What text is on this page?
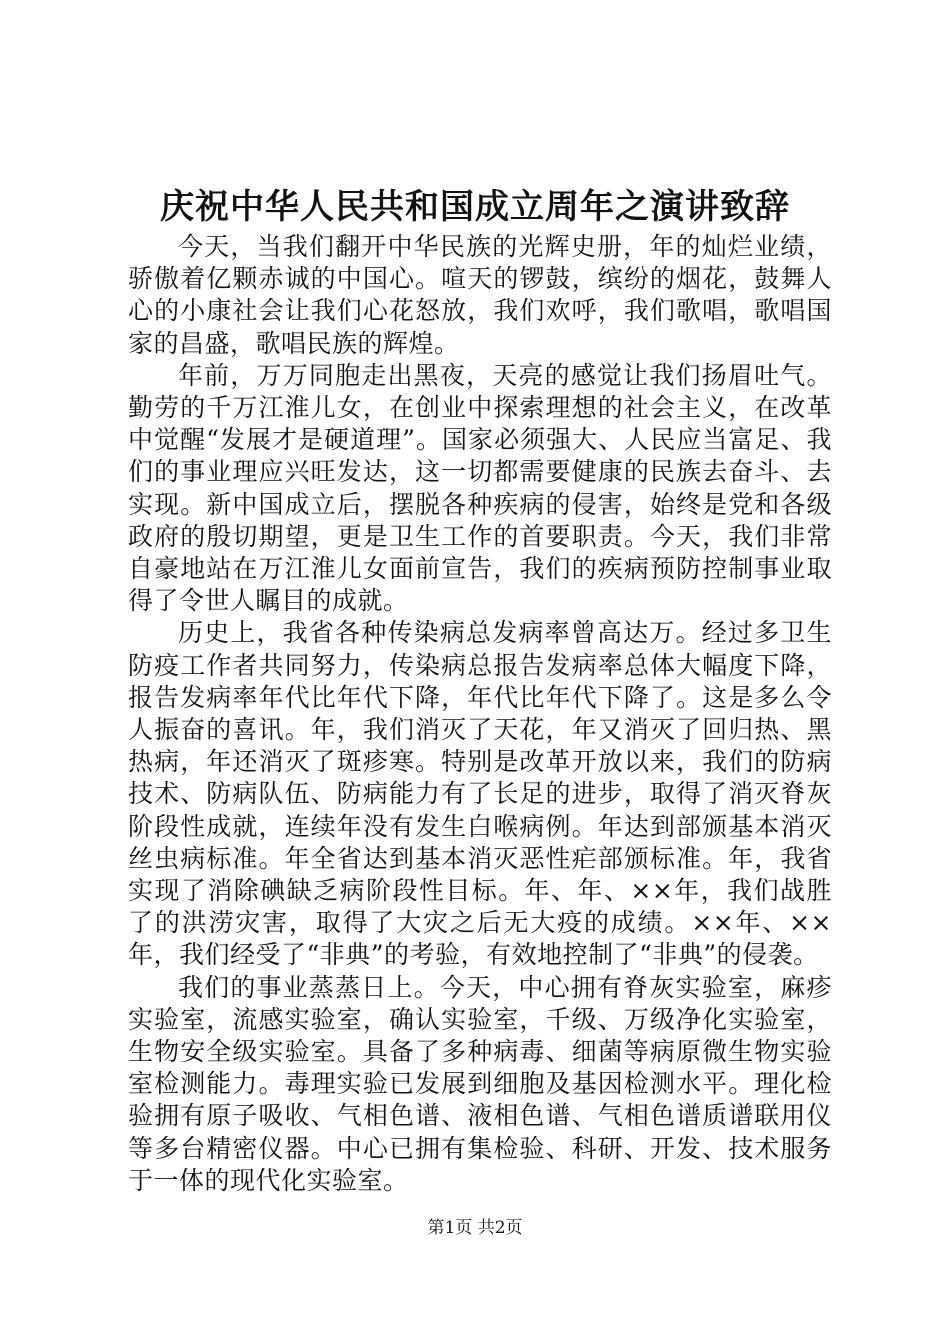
庆祝中华人民共和国成立周年之演讲致辞

今天，当我们翻开中华民族的光辉史册，年的灿烂业绩，骄傲着亿颗赤诚的中国心。喧天的锣鼓，缤纷的烟花，鼓舞人心的小康社会让我们心花怒放，我们欢呼，我们歌唱，歌唱国家的昌盛，歌唱民族的辉煌。

年前，万万同胞走出黑夜，天亮的感觉让我们扬眉吐气。勤劳的千万江淮儿女，在创业中探索理想的社会主义，在改革中觉醒“发展才是硬道理”。国家必须强大、人民应当富足、我们的事业理应兴旺发达，这一切都需要健康的民族去奋斗、去实现。新中国成立后，摆脱各种疾病的侵害，始终是党和各级政府的殷切期望，更是卫生工作的首要职责。今天，我们非常自豪地站在万江淮儿女面前宣告，我们的疾病预防控制事业取得了令世人瞩目的成就。

历史上，我省各种传染病总发病率曾高达万。经过多卫生防疫工作者共同努力，传染病总报告发病率总体大幅度下降，报告发病率年代比年代下降，年代比年代下降了。这是多么令人振奋的喜讯。年，我们消灭了天花，年又消灭了回归热、黑热病，年还消灭了斑疹寒。特别是改革开放以来，我们的防病技术、防病队伍、防病能力有了长足的进步，取得了消灭脊灰阶段性成就，连续年没有发生白喉病例。年达到部颁基本消灭丝虫病标准。年全省达到基本消灭恶性疟部颁标准。年，我省实现了消除碘缺乏病阶段性目标。年、年、××年，我们战胜了的洪涝灾害，取得了大灾之后无大疫的成绩。××年、××年，我们经受了“非典”的考验，有效地控制了“非典”的侵袭。

我们的事业蒸蒸日上。今天，中心拥有脊灰实验室，麻疹实验室，流感实验室，确认实验室，千级、万级净化实验室，生物安全级实验室。具备了多种病毒、细菌等病原微生物实验室检测能力。毒理实验已发展到细胞及基因检测水平。理化检验拥有原子吸收、气相色谱、液相色谱、气相色谱质谱联用仪等多台精密仪器。中心已拥有集检验、科研、开发、技术服务于一体的现代化实验室。

第1页 共2页
